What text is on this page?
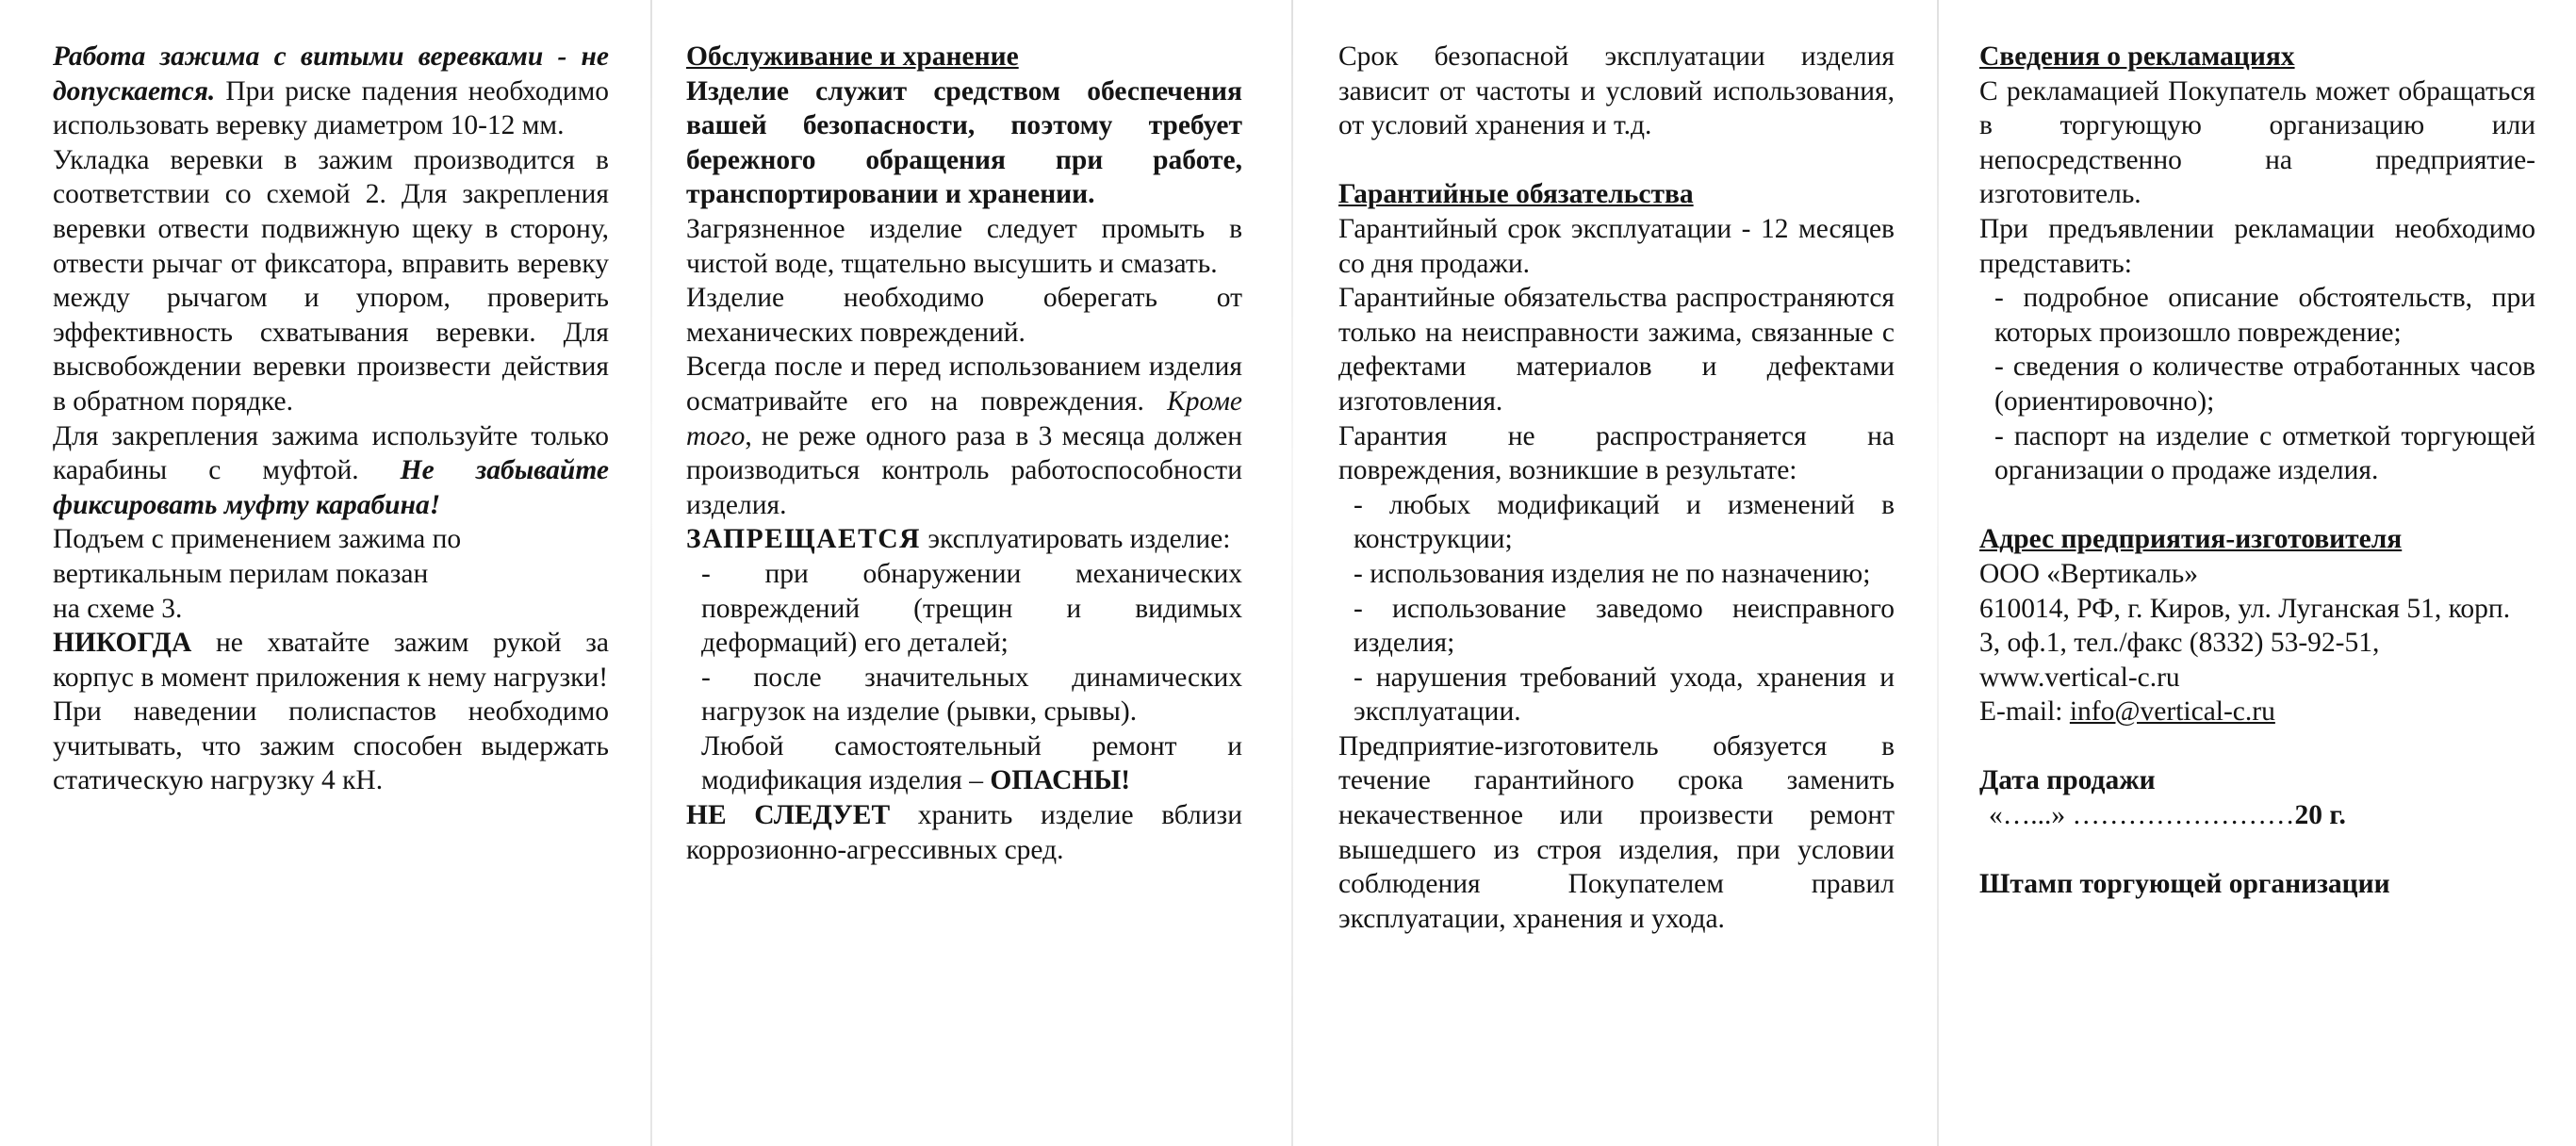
Работа зажима с витыми веревками - не допускается. При риске падения необходимо использовать веревку диаметром 10-12 мм.

Укладка веревки в зажим производится в соответствии со схемой 2. Для закрепления веревки отвести подвижную щеку в сторону, отвести рычаг от фиксатора, вправить веревку между рычагом и упором, проверить эффективность схватывания веревки. Для высвобождении веревки произвести действия в обратном порядке.

Для закрепления зажима используйте только карабины с муфтой. Не забывайте фиксировать муфту карабина!

Подъем с применением зажима по вертикальным перилам показан
на схеме 3.

НИКОГДА не хватайте зажим рукой за корпус в момент приложения к нему нагрузки!

При наведении полиспастов необходимо учитывать, что зажим способен выдержать статическую нагрузку 4 кН.

Обслуживание и хранение

Изделие служит средством обеспечения вашей безопасности, поэтому требует бережного обращения при работе, транспортировании и хранении.

Загрязненное изделие следует промыть в чистой воде, тщательно высушить и смазать.

Изделие необходимо оберегать от механических повреждений.

Всегда после и перед использованием изделия осматривайте его на повреждения. Кроме того, не реже одного раза в 3 месяца должен производиться контроль работоспособности изделия.

ЗАПРЕЩАЕТСЯ эксплуатировать изделие:

- при обнаружении механических повреждений (трещин и видимых деформаций) его деталей;

- после значительных динамических нагрузок на изделие (рывки, срывы).

Любой самостоятельный ремонт и модификация изделия – ОПАСНЫ!

НЕ СЛЕДУЕТ хранить изделие вблизи коррозионно-агрессивных сред.

Срок безопасной эксплуатации изделия зависит от частоты и условий использования, от условий хранения и т.д.

Гарантийные обязательства

Гарантийный срок эксплуатации - 12 месяцев со дня продажи.

Гарантийные обязательства распространяются только на неисправности зажима, связанные с дефектами материалов и дефектами изготовления.

Гарантия не распространяется на повреждения, возникшие в результате:

- любых модификаций и изменений в конструкции;

- использования изделия не по назначению;

- использование заведомо неисправного изделия;

- нарушения требований ухода, хранения и эксплуатации.

Предприятие-изготовитель обязуется в течение гарантийного срока заменить некачественное или произвести ремонт вышедшего из строя изделия, при условии соблюдения Покупателем правил эксплуатации, хранения и ухода.

Сведения о рекламациях

С рекламацией Покупатель может обращаться в торгующую организацию или непосредственно на предприятие-изготовитель.

При предъявлении рекламации необходимо представить:

- подробное описание обстоятельств, при которых произошло повреждение;

- сведения о количестве отработанных часов (ориентировочно);

- паспорт на изделие с отметкой торгующей организации о продаже изделия.

Адрес предприятия-изготовителя

ООО «Вертикаль»

610014, РФ, г. Киров, ул. Луганская 51, корп. 3, оф.1, тел./факс (8332) 53-92-51,

www.vertical-c.ru

E-mail: info@vertical-c.ru

Дата продажи

«…...» ……………………20 г.

Штамп торгующей организации
